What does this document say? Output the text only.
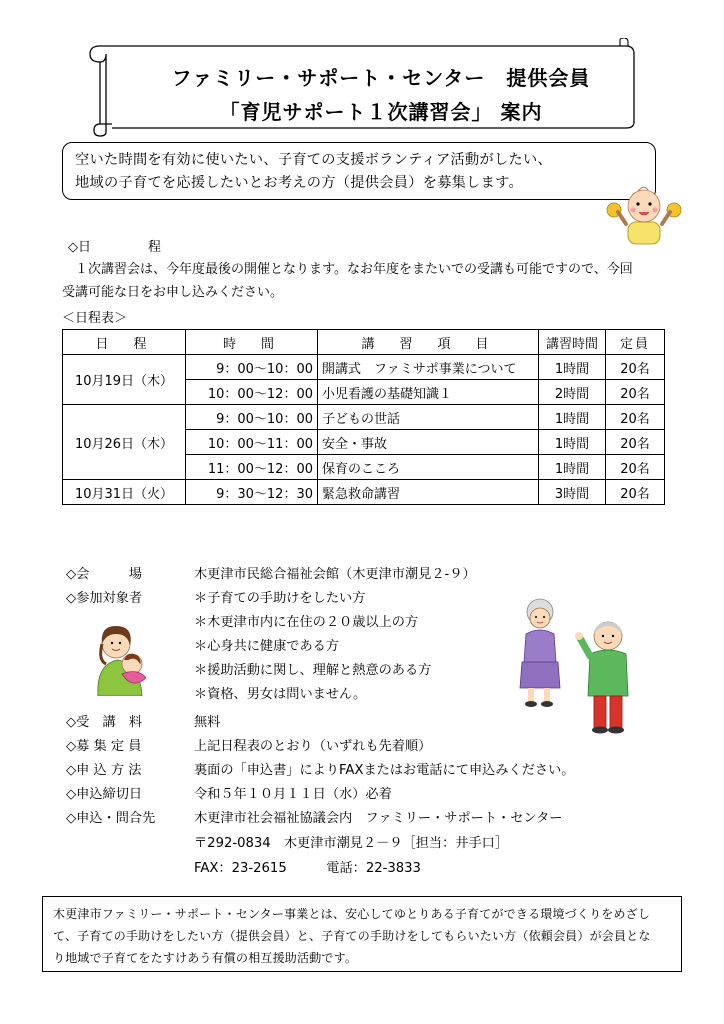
ファミリー・サポート・センター　提供会員
「育児サポート１次講習会」 案内
空いた時間を有効に使いたい、子育ての支援ボランティア活動がしたい、
地域の子育てを応援したいとお考えの方（提供会員）を募集します。
◇日	程
　１次講習会は、今年度最後の開催となります。なお年度をまたいでの受講も可能ですので、今回
受講可能な日をお申し込みください。
＜日程表＞
日　程	時　間	講　習　項　目	講習時間	定員
10月19日（木）	9：00～10：00	開講式　ファミサポ事業について	1時間	20名
	10：00～12：00	小児看護の基礎知識１	2時間	20名
10月26日（木）	9：00～10：00	子どもの世話	1時間	20名
	10：00～11：00	安全・事故	1時間	20名
	11：00～12：00	保育のこころ	1時間	20名
10月31日（火）	9：30～12：30	緊急救命講習	3時間	20名
◇会　　　場	木更津市民総合福祉会館（木更津市潮見２-９）
◇参加対象者	＊子育ての手助けをしたい方
＊木更津市内に在住の２０歳以上の方
＊心身共に健康である方
＊援助活動に関し、理解と熱意のある方
＊資格、男女は問いません。
◇受　講　料	無料
◇募 集 定 員	上記日程表のとおり（いずれも先着順）
◇申 込 方 法	裏面の「申込書」によりFAXまたはお電話にて申込みください。
◇申込締切日	令和５年１０月１１日（水）必着
◇申込・問合先	木更津市社会福祉協議会内　ファミリー・サポート・センター
〒292-0834　木更津市潮見２－９［担当：井手口］
FAX：23-2615　　　電話：22-3833
木更津市ファミリー・サポート・センター事業とは、安心してゆとりある子育てができる環境づくりをめざし
て、子育ての手助けをしたい方（提供会員）と、子育ての手助けをしてもらいたい方（依頼会員）が会員とな
り地域で子育てをたすけあう有償の相互援助活動です。
